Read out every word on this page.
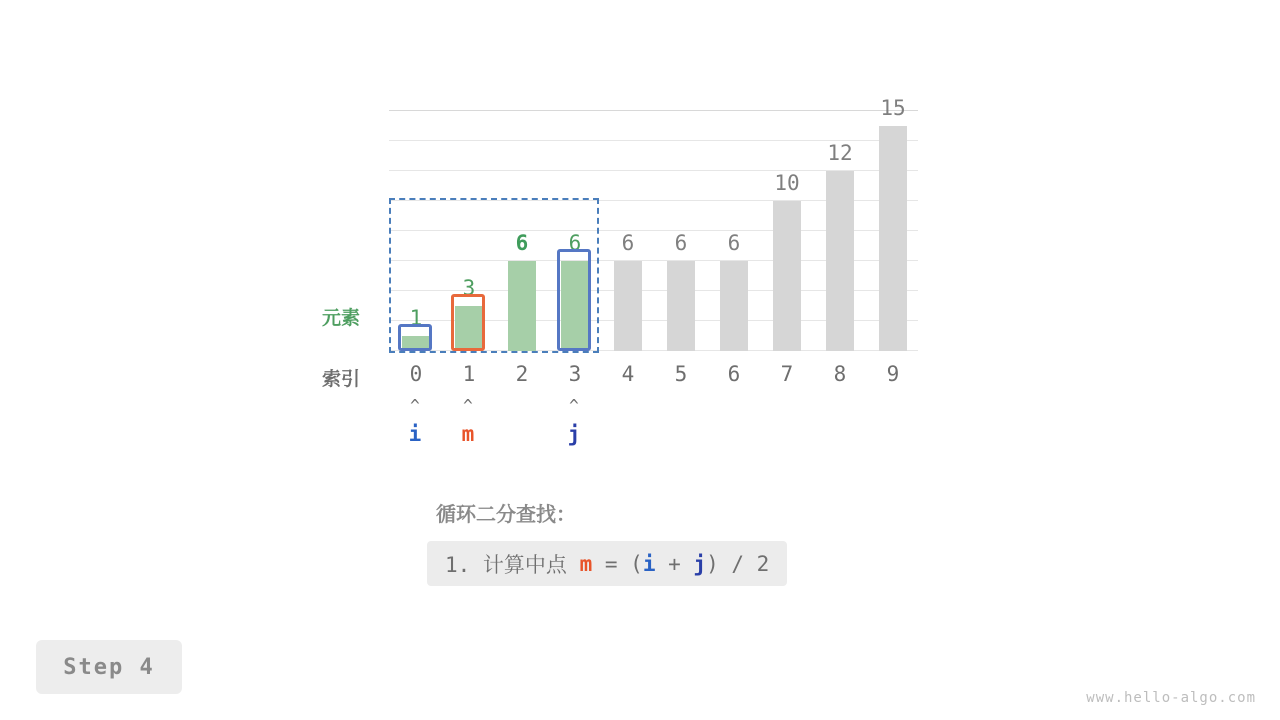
1
3
6	6	6	6	6
10
12
15
0	1	2	3	4	5	6	7	8	9
元素
索引
^	^	^
i	m	j
循环二分查找：
1. 计算中点 m = ( i + j ) / 2
Step 4
www.hello-algo.com
